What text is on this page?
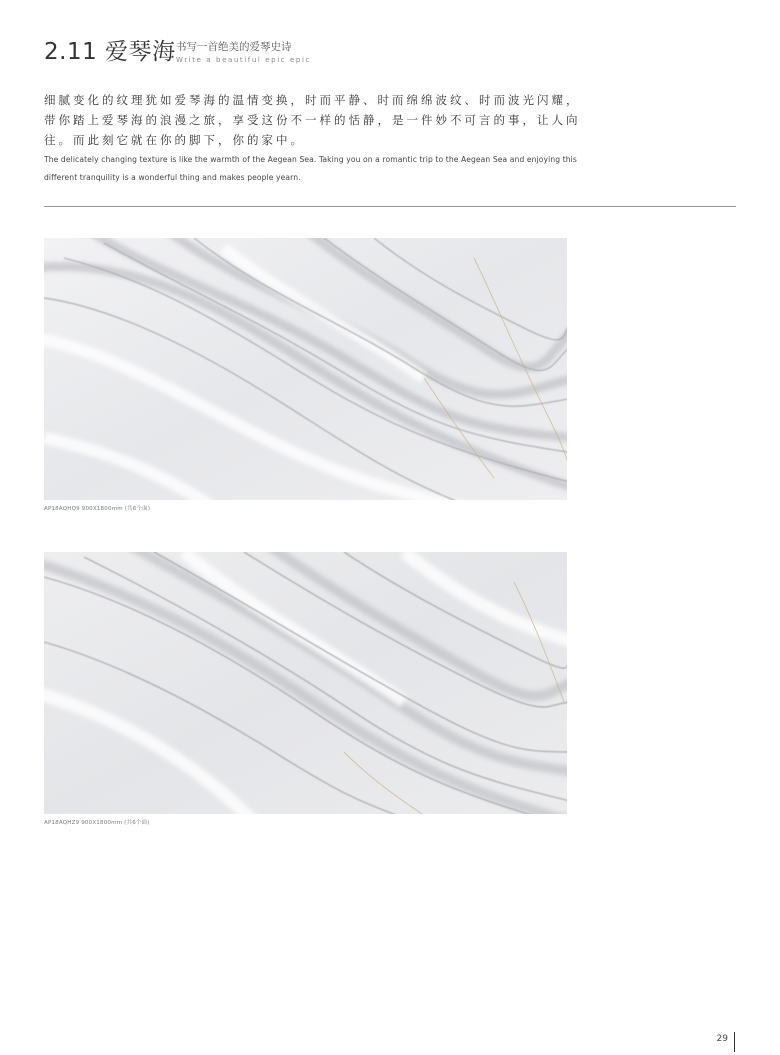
2.11 爱琴海 书写一首绝美的爱琴史诗
Write a beautiful epic epic
细腻变化的纹理犹如爱琴海的温情变换，时而平静、时而绵绵波纹、时而波光闪耀，带你踏上爱琴海的浪漫之旅，享受这份不一样的恬静，是一件妙不可言的事，让人向往。而此刻它就在你的脚下，你的家中。
The delicately changing texture is like the warmth of the Aegean Sea. Taking you on a romantic trip to the Aegean Sea and enjoying this different tranquility is a wonderful thing and makes people yearn.
AP18AQHQ9 900X1800mm (共6个面)
AP18AQHZ9 900X1800mm (共6个面)
29
